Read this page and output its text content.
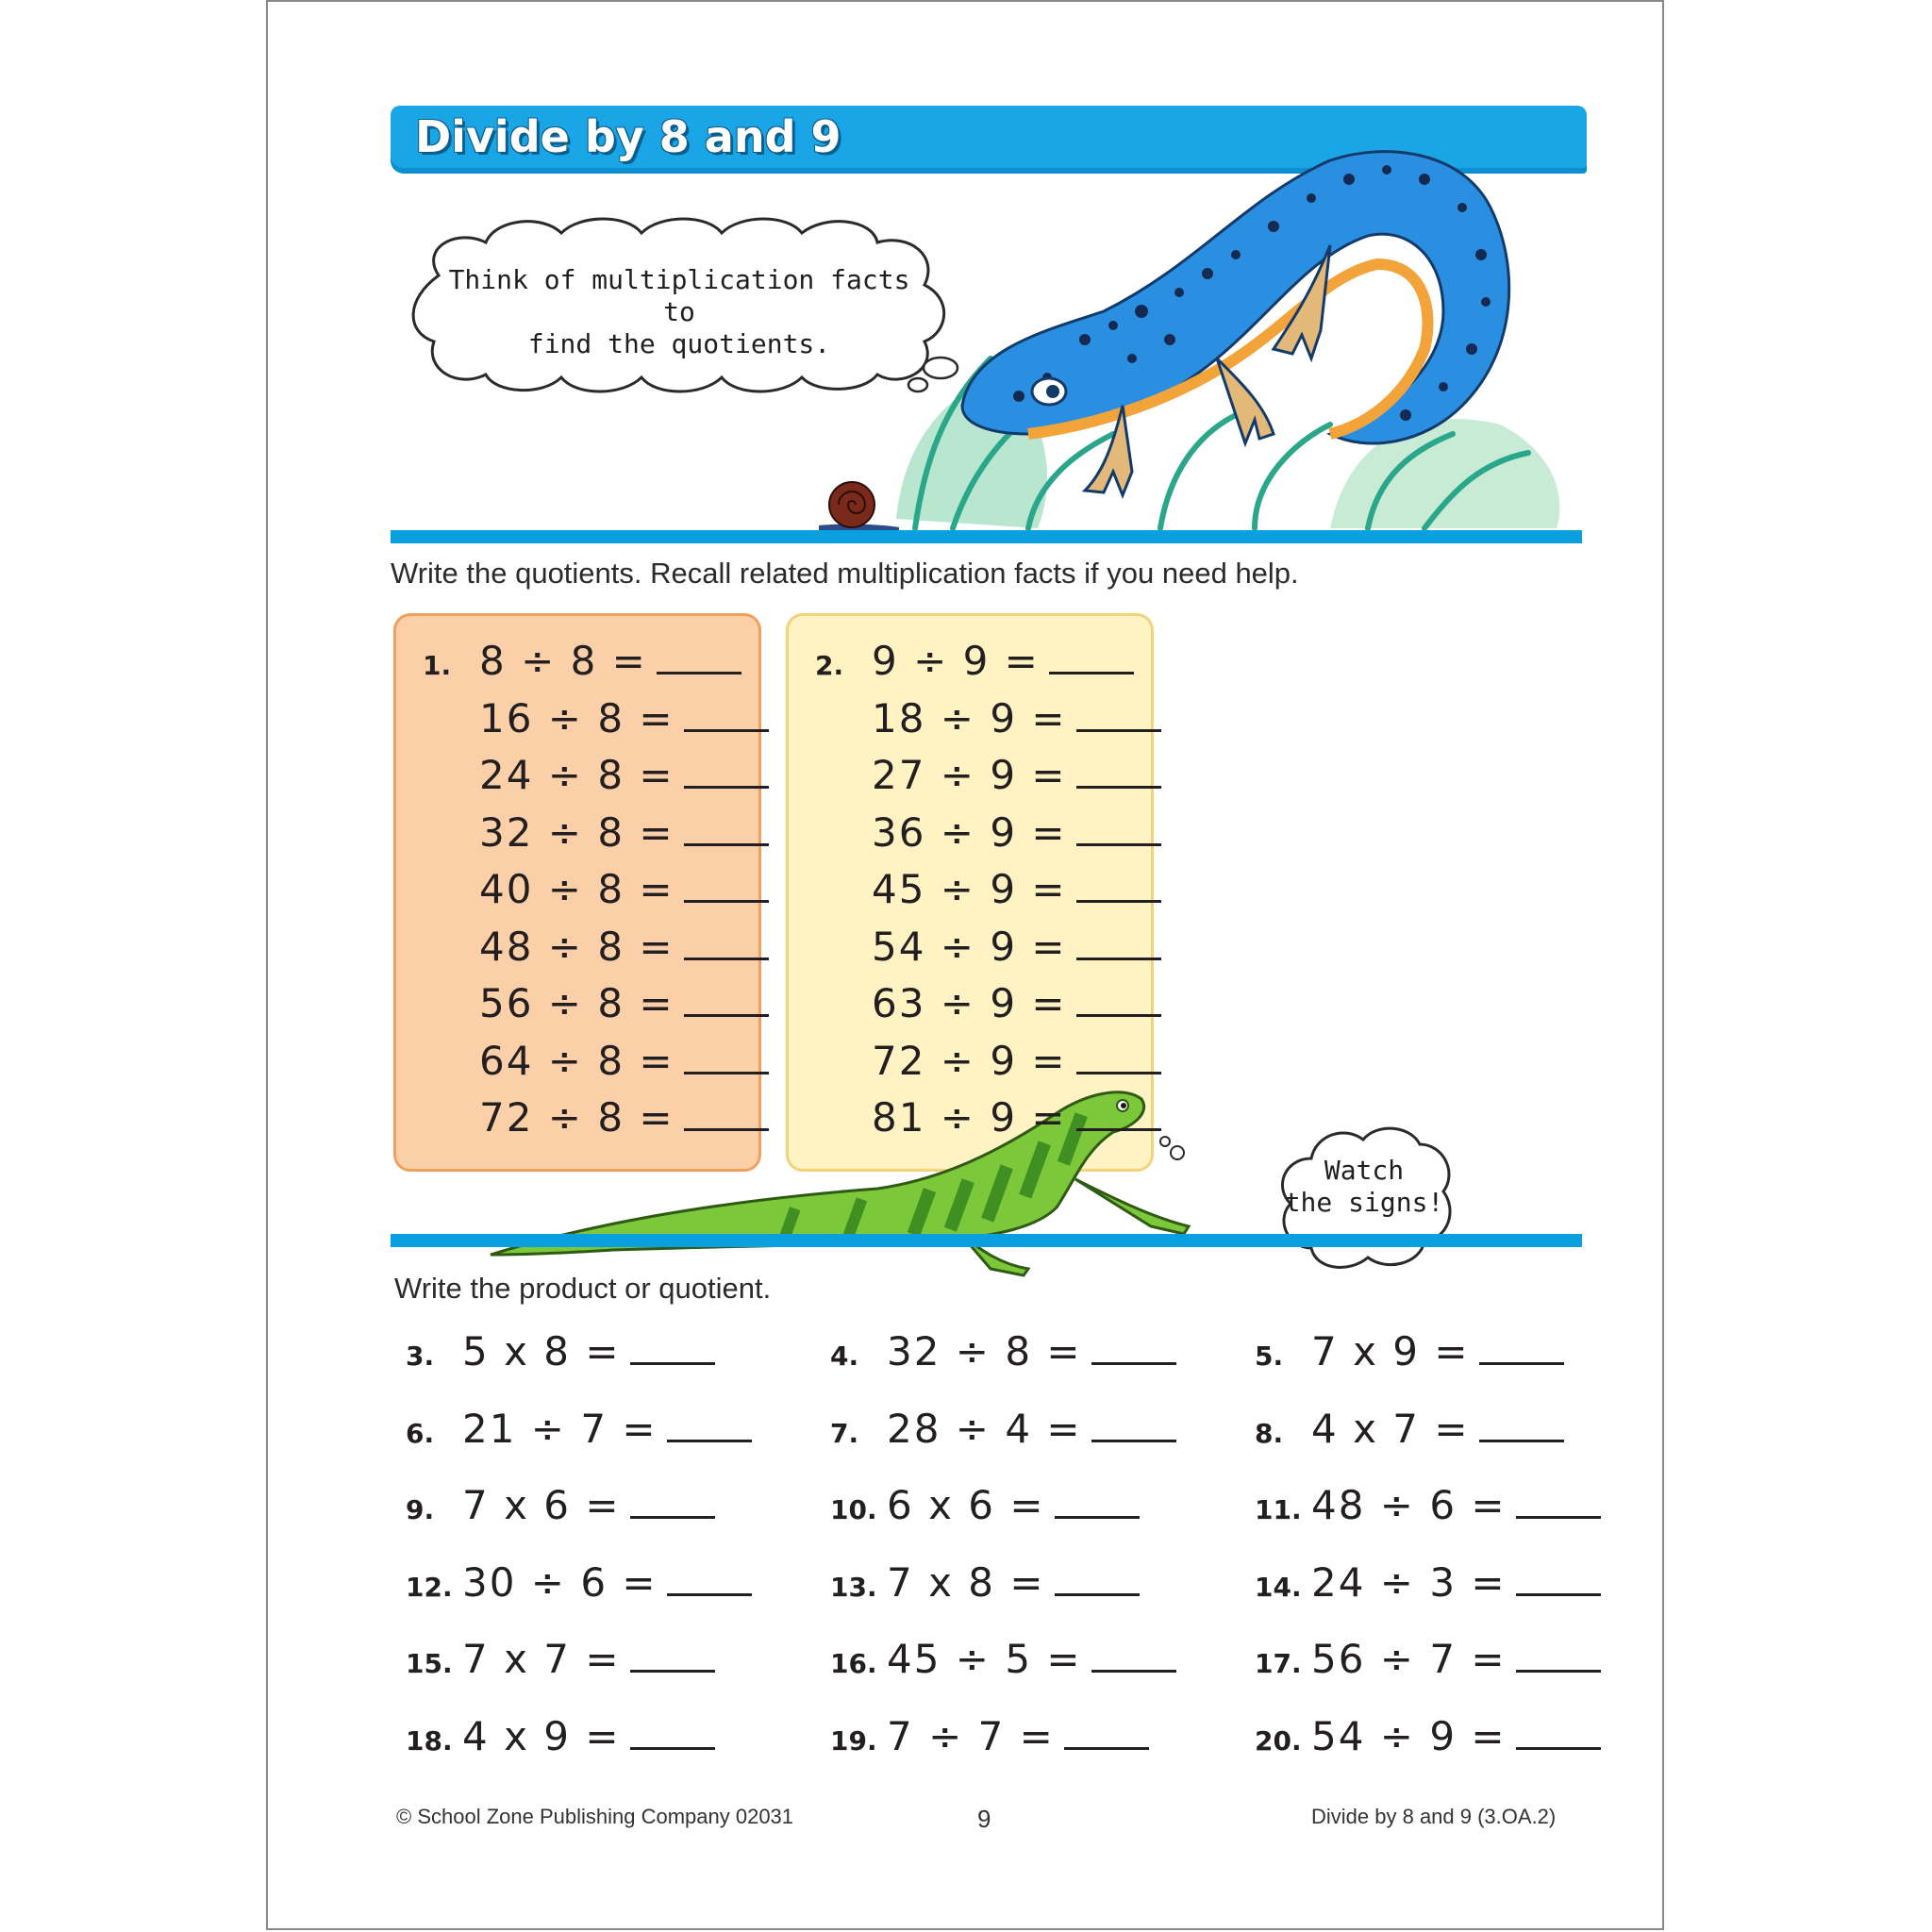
Divide by 8 and 9
Think of multiplication facts to
find the quotients.
Write the quotients. Recall related multiplication facts if you need help.
Watch
the signs!
Write the product or quotient.
© School Zone Publishing Company 02031	9	Divide by 8 and 9 (3.OA.2)
1. 8 ÷ 8 =
16 ÷ 8 =
24 ÷ 8 =
32 ÷ 8 =
40 ÷ 8 =
48 ÷ 8 =
56 ÷ 8 =
64 ÷ 8 =
72 ÷ 8 =
2. 9 ÷ 9 =
18 ÷ 9 =
27 ÷ 9 =
36 ÷ 9 =
45 ÷ 9 =
54 ÷ 9 =
63 ÷ 9 =
72 ÷ 9 =
81 ÷ 9 =
3. 5 x 8 =	4. 32 ÷ 8 =	5. 7 x 9 =
6. 21 ÷ 7 =	7. 28 ÷ 4 =	8. 4 x 7 =
9. 7 x 6 =	10. 6 x 6 =	11. 48 ÷ 6 =
12. 30 ÷ 6 =	13. 7 x 8 =	14. 24 ÷ 3 =
15. 7 x 7 =	16. 45 ÷ 5 =	17. 56 ÷ 7 =
18. 4 x 9 =	19. 7 ÷ 7 =	20. 54 ÷ 9 =
